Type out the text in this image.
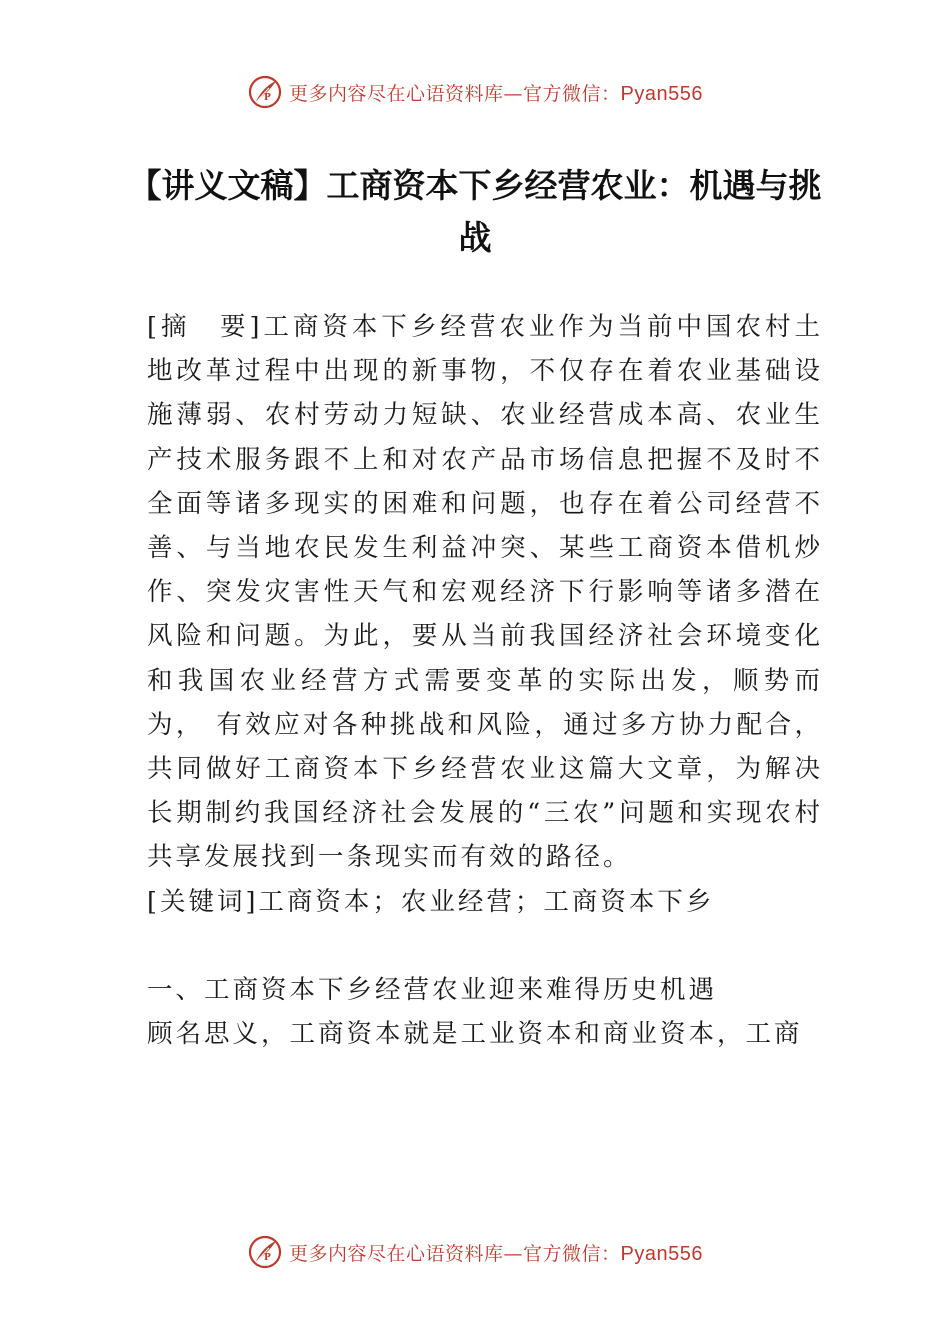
P 更多内容尽在心语资料库—官方微信：Pyan556
【讲义文稿】工商资本下乡经营农业：机遇与挑战

[摘　要]工商资本下乡经营农业作为当前中国农村土地改革过程中出现的新事物，不仅存在着农业基础设施薄弱、农村劳动力短缺、农业经营成本高、农业生产技术服务跟不上和对农产品市场信息把握不及时不全面等诸多现实的困难和问题，也存在着公司经营不善、与当地农民发生利益冲突、某些工商资本借机炒作、突发灾害性天气和宏观经济下行影响等诸多潜在风险和问题。为此，要从当前我国经济社会环境变化和我国农业经营方式需要变革的实际出发，顺势而为， 有效应对各种挑战和风险，通过多方协力配合，共同做好工商资本下乡经营农业这篇大文章，为解决长期制约我国经济社会发展的“三农”问题和实现农村共享发展找到一条现实而有效的路径。

[关键词]工商资本；农业经营；工商资本下乡

一、工商资本下乡经营农业迎来难得历史机遇

顾名思义，工商资本就是工业资本和商业资本，工商

P 更多内容尽在心语资料库—官方微信：Pyan556
